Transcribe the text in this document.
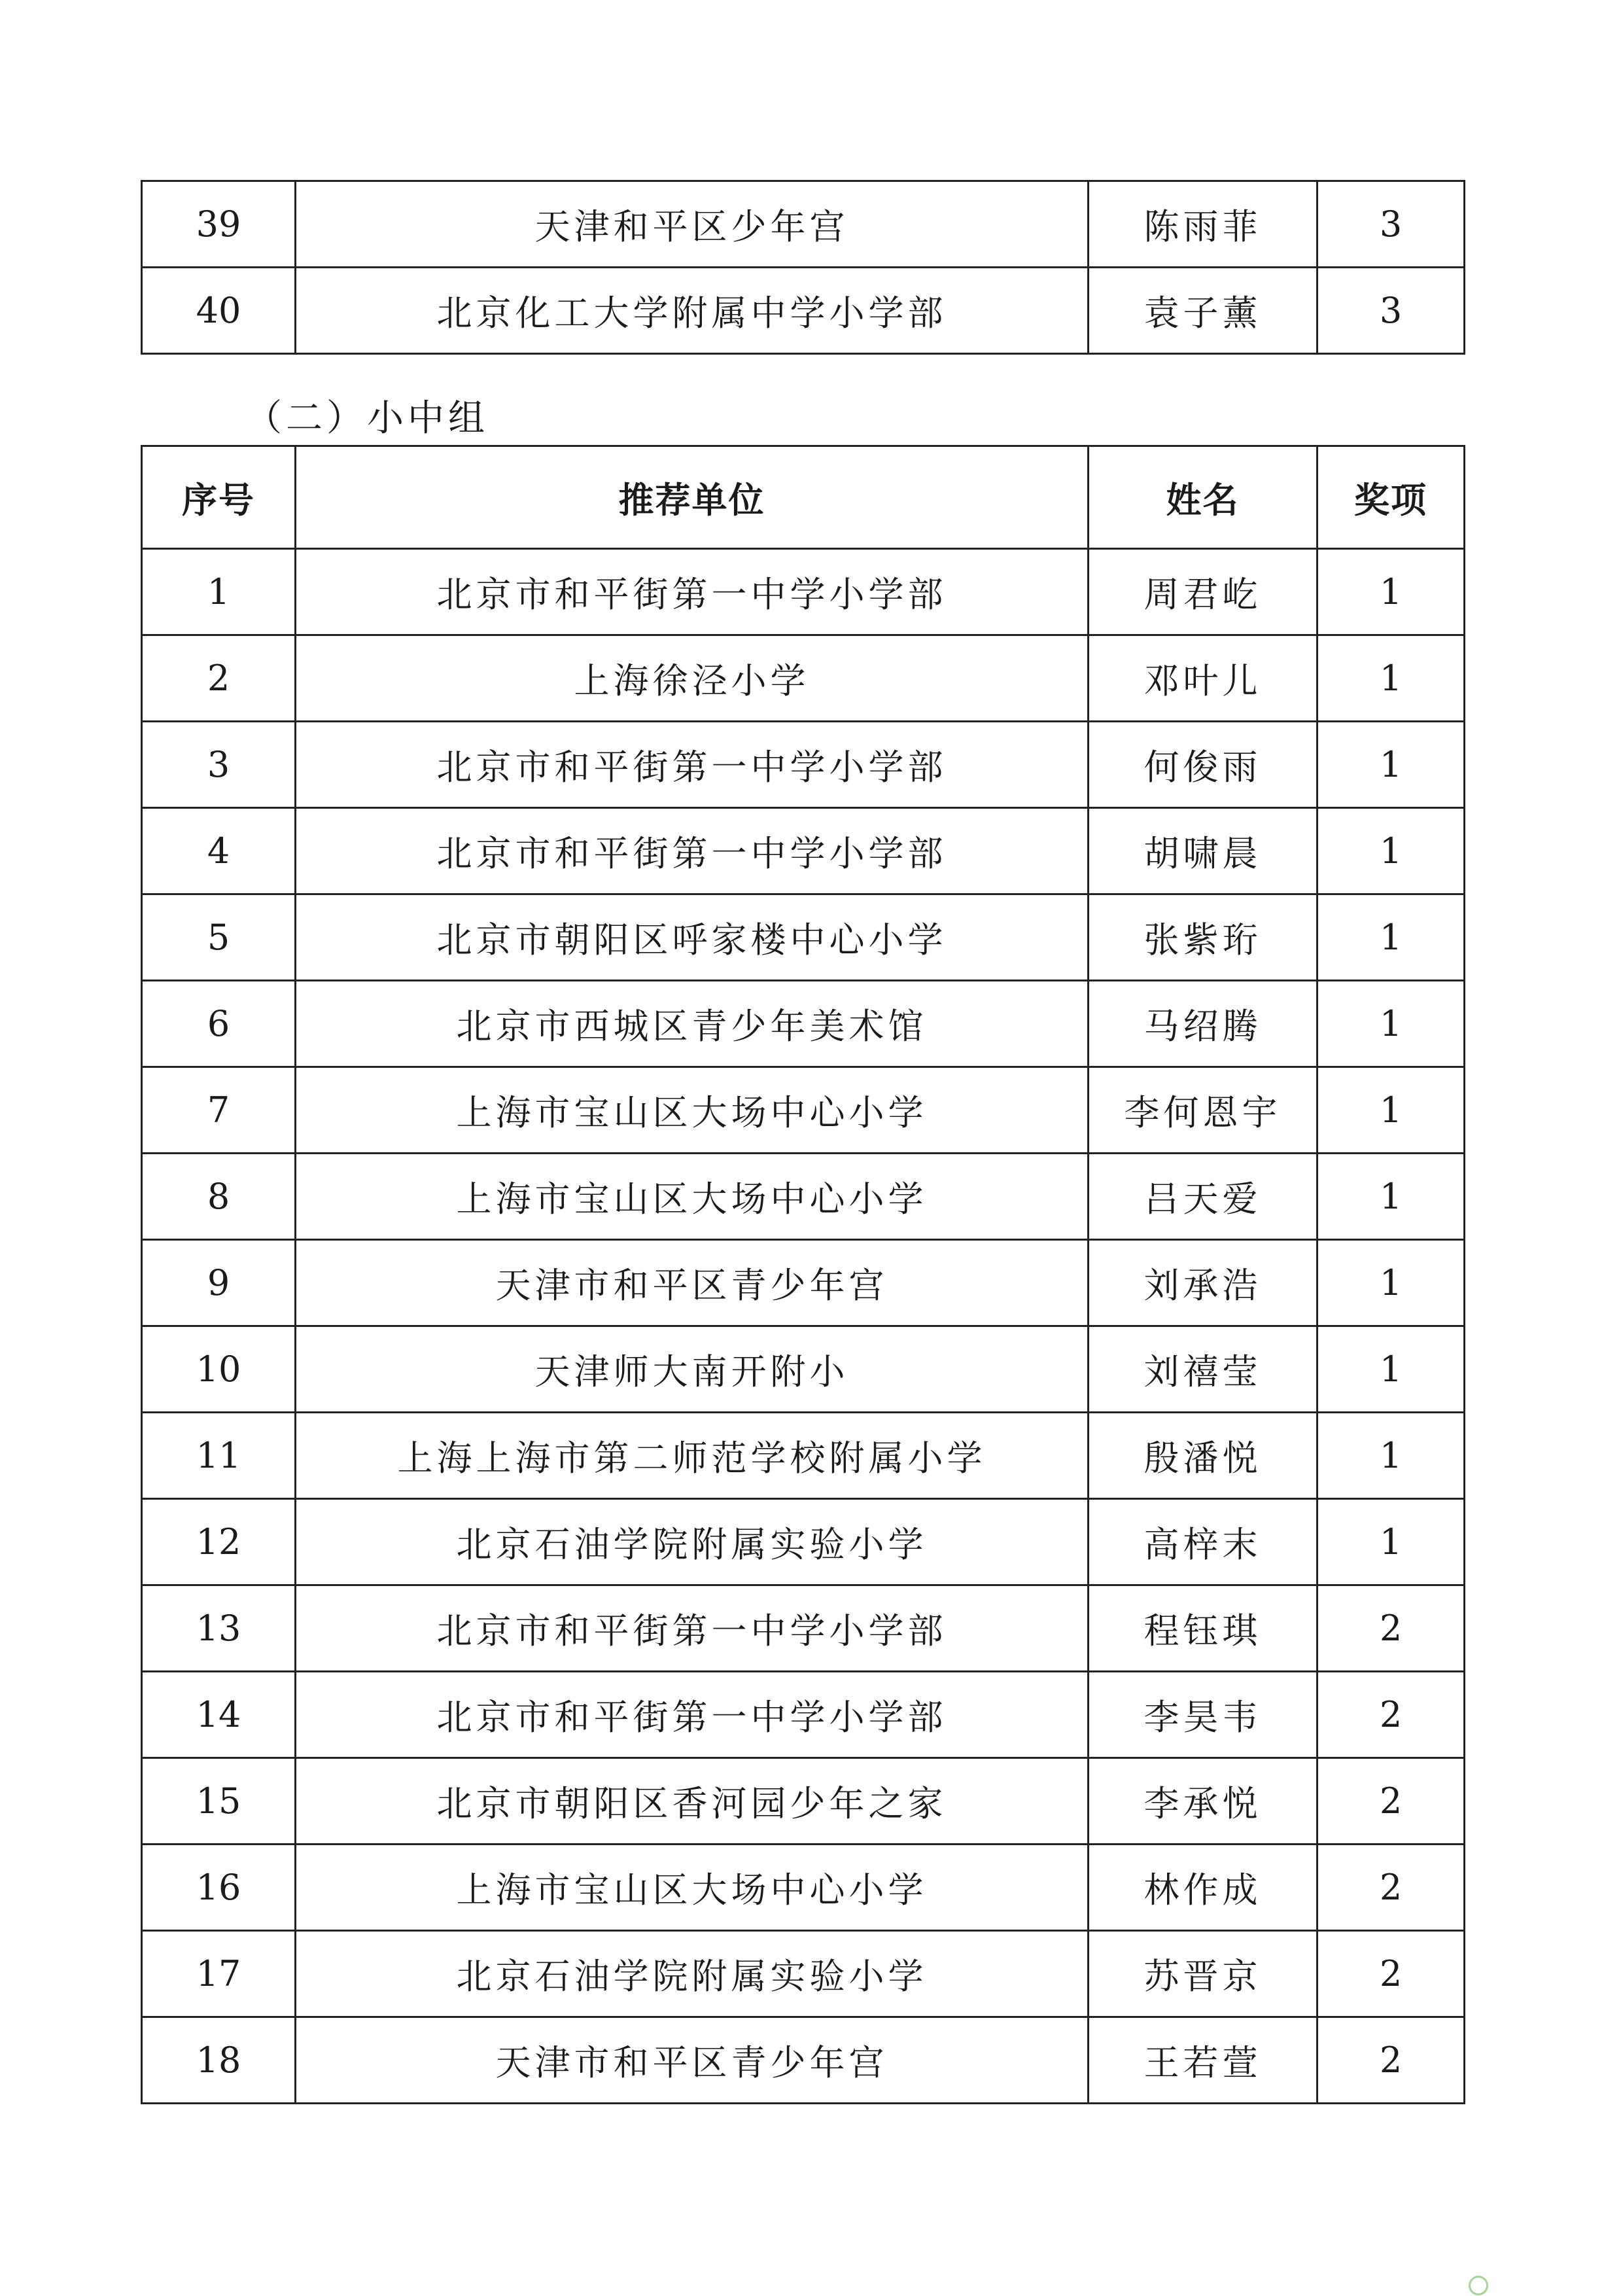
39	天津和平区少年宫	陈雨菲	3
40	北京化工大学附属中学小学部	袁子薰	3

（二）小中组

序号	推荐单位	姓名	奖项
1	北京市和平街第一中学小学部	周君屹	1
2	上海徐泾小学	邓叶儿	1
3	北京市和平街第一中学小学部	何俊雨	1
4	北京市和平街第一中学小学部	胡啸晨	1
5	北京市朝阳区呼家楼中心小学	张紫珩	1
6	北京市西城区青少年美术馆	马绍腾	1
7	上海市宝山区大场中心小学	李何恩宇	1
8	上海市宝山区大场中心小学	吕天爱	1
9	天津市和平区青少年宫	刘承浩	1
10	天津师大南开附小	刘禧莹	1
11	上海上海市第二师范学校附属小学	殷潘悦	1
12	北京石油学院附属实验小学	高梓末	1
13	北京市和平街第一中学小学部	程钰琪	2
14	北京市和平街第一中学小学部	李昊韦	2
15	北京市朝阳区香河园少年之家	李承悦	2
16	上海市宝山区大场中心小学	林作成	2
17	北京石油学院附属实验小学	苏晋京	2
18	天津市和平区青少年宫	王若萱	2
